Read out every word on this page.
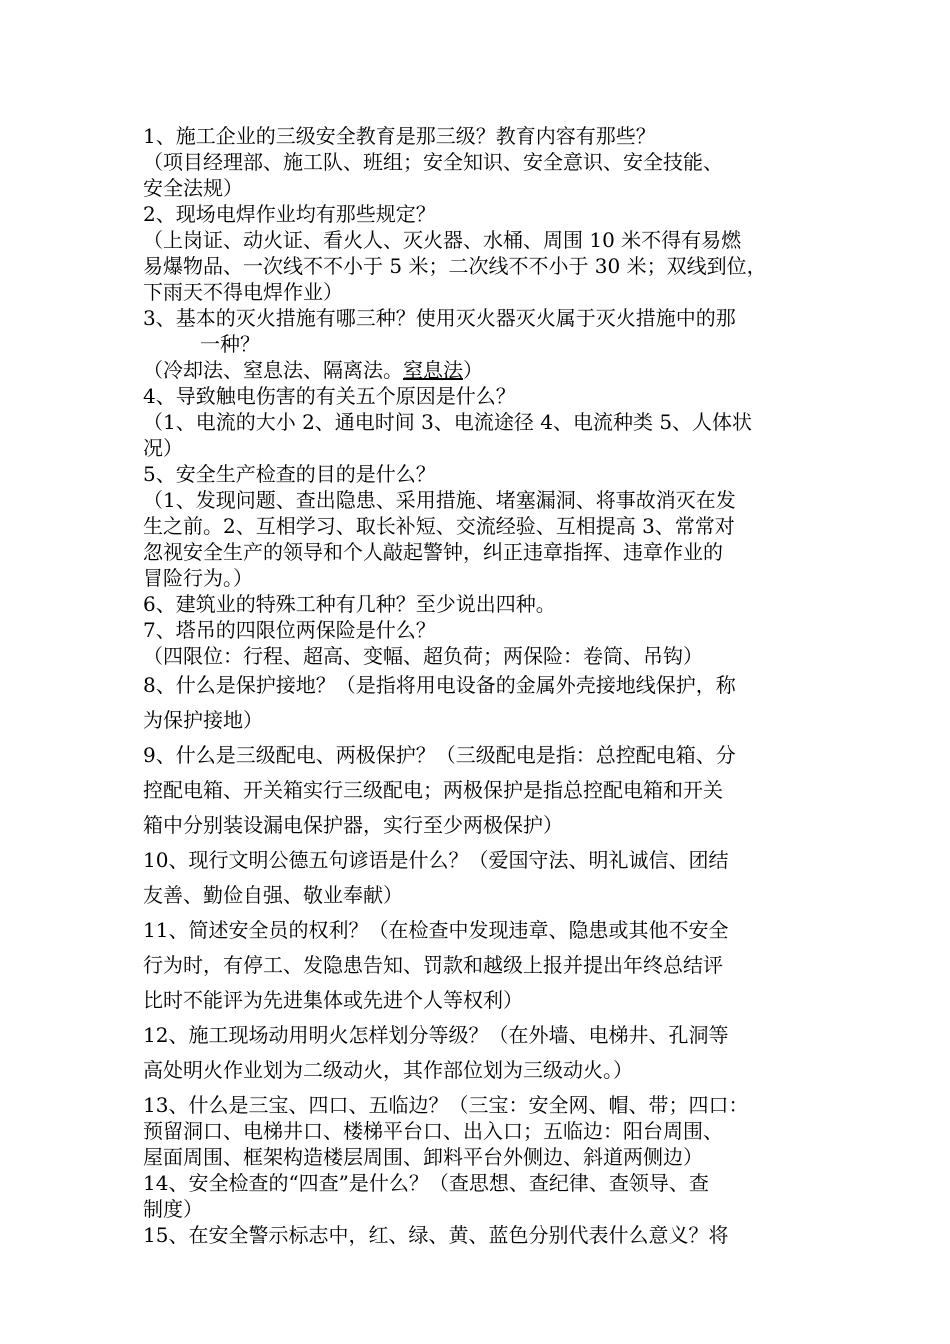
1、施工企业的三级安全教育是那三级？教育内容有那些？
（项目经理部、施工队、班组；安全知识、安全意识、安全技能、
安全法规）
2、现场电焊作业均有那些规定？
（上岗证、动火证、看火人、灭火器、水桶、周围 10 米不得有易燃
易爆物品、一次线不不小于 5 米；二次线不不小于 30 米；双线到位，
下雨天不得电焊作业）
3、基本的灭火措施有哪三种？使用灭火器灭火属于灭火措施中的那
一种？
（冷却法、窒息法、隔离法。窒息法）
4、导致触电伤害的有关五个原因是什么？
（1、电流的大小 2、通电时间 3、电流途径 4、电流种类 5、人体状
况）
5、安全生产检查的目的是什么？
（1、发现问题、查出隐患、采用措施、堵塞漏洞、将事故消灭在发
生之前。2、互相学习、取长补短、交流经验、互相提高 3、常常对
忽视安全生产的领导和个人敲起警钟，纠正违章指挥、违章作业的
冒险行为。）
6、建筑业的特殊工种有几种？至少说出四种。
7、塔吊的四限位两保险是什么？
（四限位：行程、超高、变幅、超负荷；两保险：卷筒、吊钩）
8、什么是保护接地？（是指将用电设备的金属外壳接地线保护，称
为保护接地）
9、什么是三级配电、两极保护？（三级配电是指：总控配电箱、分
控配电箱、开关箱实行三级配电；两极保护是指总控配电箱和开关
箱中分别装设漏电保护器，实行至少两极保护）
10、现行文明公德五句谚语是什么？（爱国守法、明礼诚信、团结
友善、勤俭自强、敬业奉献）
11、简述安全员的权利？（在检查中发现违章、隐患或其他不安全
行为时，有停工、发隐患告知、罚款和越级上报并提出年终总结评
比时不能评为先进集体或先进个人等权利）
12、施工现场动用明火怎样划分等级？（在外墙、电梯井、孔洞等
高处明火作业划为二级动火，其作部位划为三级动火。）
13、什么是三宝、四口、五临边？（三宝：安全网、帽、带；四口：
预留洞口、电梯井口、楼梯平台口、出入口；五临边：阳台周围、
屋面周围、框架构造楼层周围、卸料平台外侧边、斜道两侧边）
14、安全检查的“四查”是什么？（查思想、查纪律、查领导、查
制度）
15、在安全警示标志中，红、绿、黄、蓝色分别代表什么意义？将
